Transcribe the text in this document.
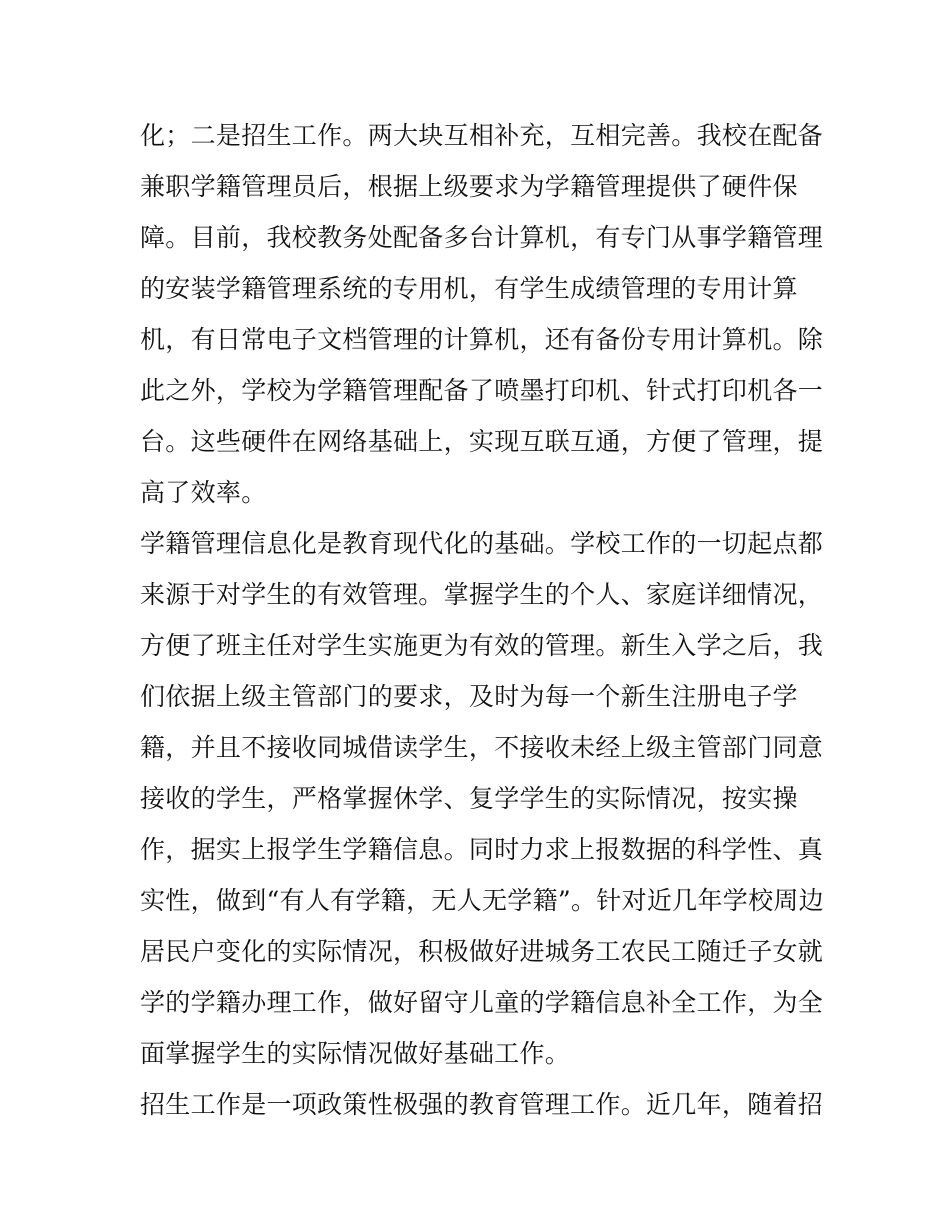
化；二是招生工作。两大块互相补充，互相完善。我校在配备
兼职学籍管理员后，根据上级要求为学籍管理提供了硬件保
障。目前，我校教务处配备多台计算机，有专门从事学籍管理
的安装学籍管理系统的专用机，有学生成绩管理的专用计算
机，有日常电子文档管理的计算机，还有备份专用计算机。除
此之外，学校为学籍管理配备了喷墨打印机、针式打印机各一
台。这些硬件在网络基础上，实现互联互通，方便了管理，提
高了效率。
学籍管理信息化是教育现代化的基础。学校工作的一切起点都
来源于对学生的有效管理。掌握学生的个人、家庭详细情况，
方便了班主任对学生实施更为有效的管理。新生入学之后，我
们依据上级主管部门的要求，及时为每一个新生注册电子学
籍，并且不接收同城借读学生，不接收未经上级主管部门同意
接收的学生，严格掌握休学、复学学生的实际情况，按实操
作，据实上报学生学籍信息。同时力求上报数据的科学性、真
实性，做到“有人有学籍，无人无学籍”。针对近几年学校周边
居民户变化的实际情况，积极做好进城务工农民工随迁子女就
学的学籍办理工作，做好留守儿童的学籍信息补全工作，为全
面掌握学生的实际情况做好基础工作。
招生工作是一项政策性极强的教育管理工作。近几年，随着招
